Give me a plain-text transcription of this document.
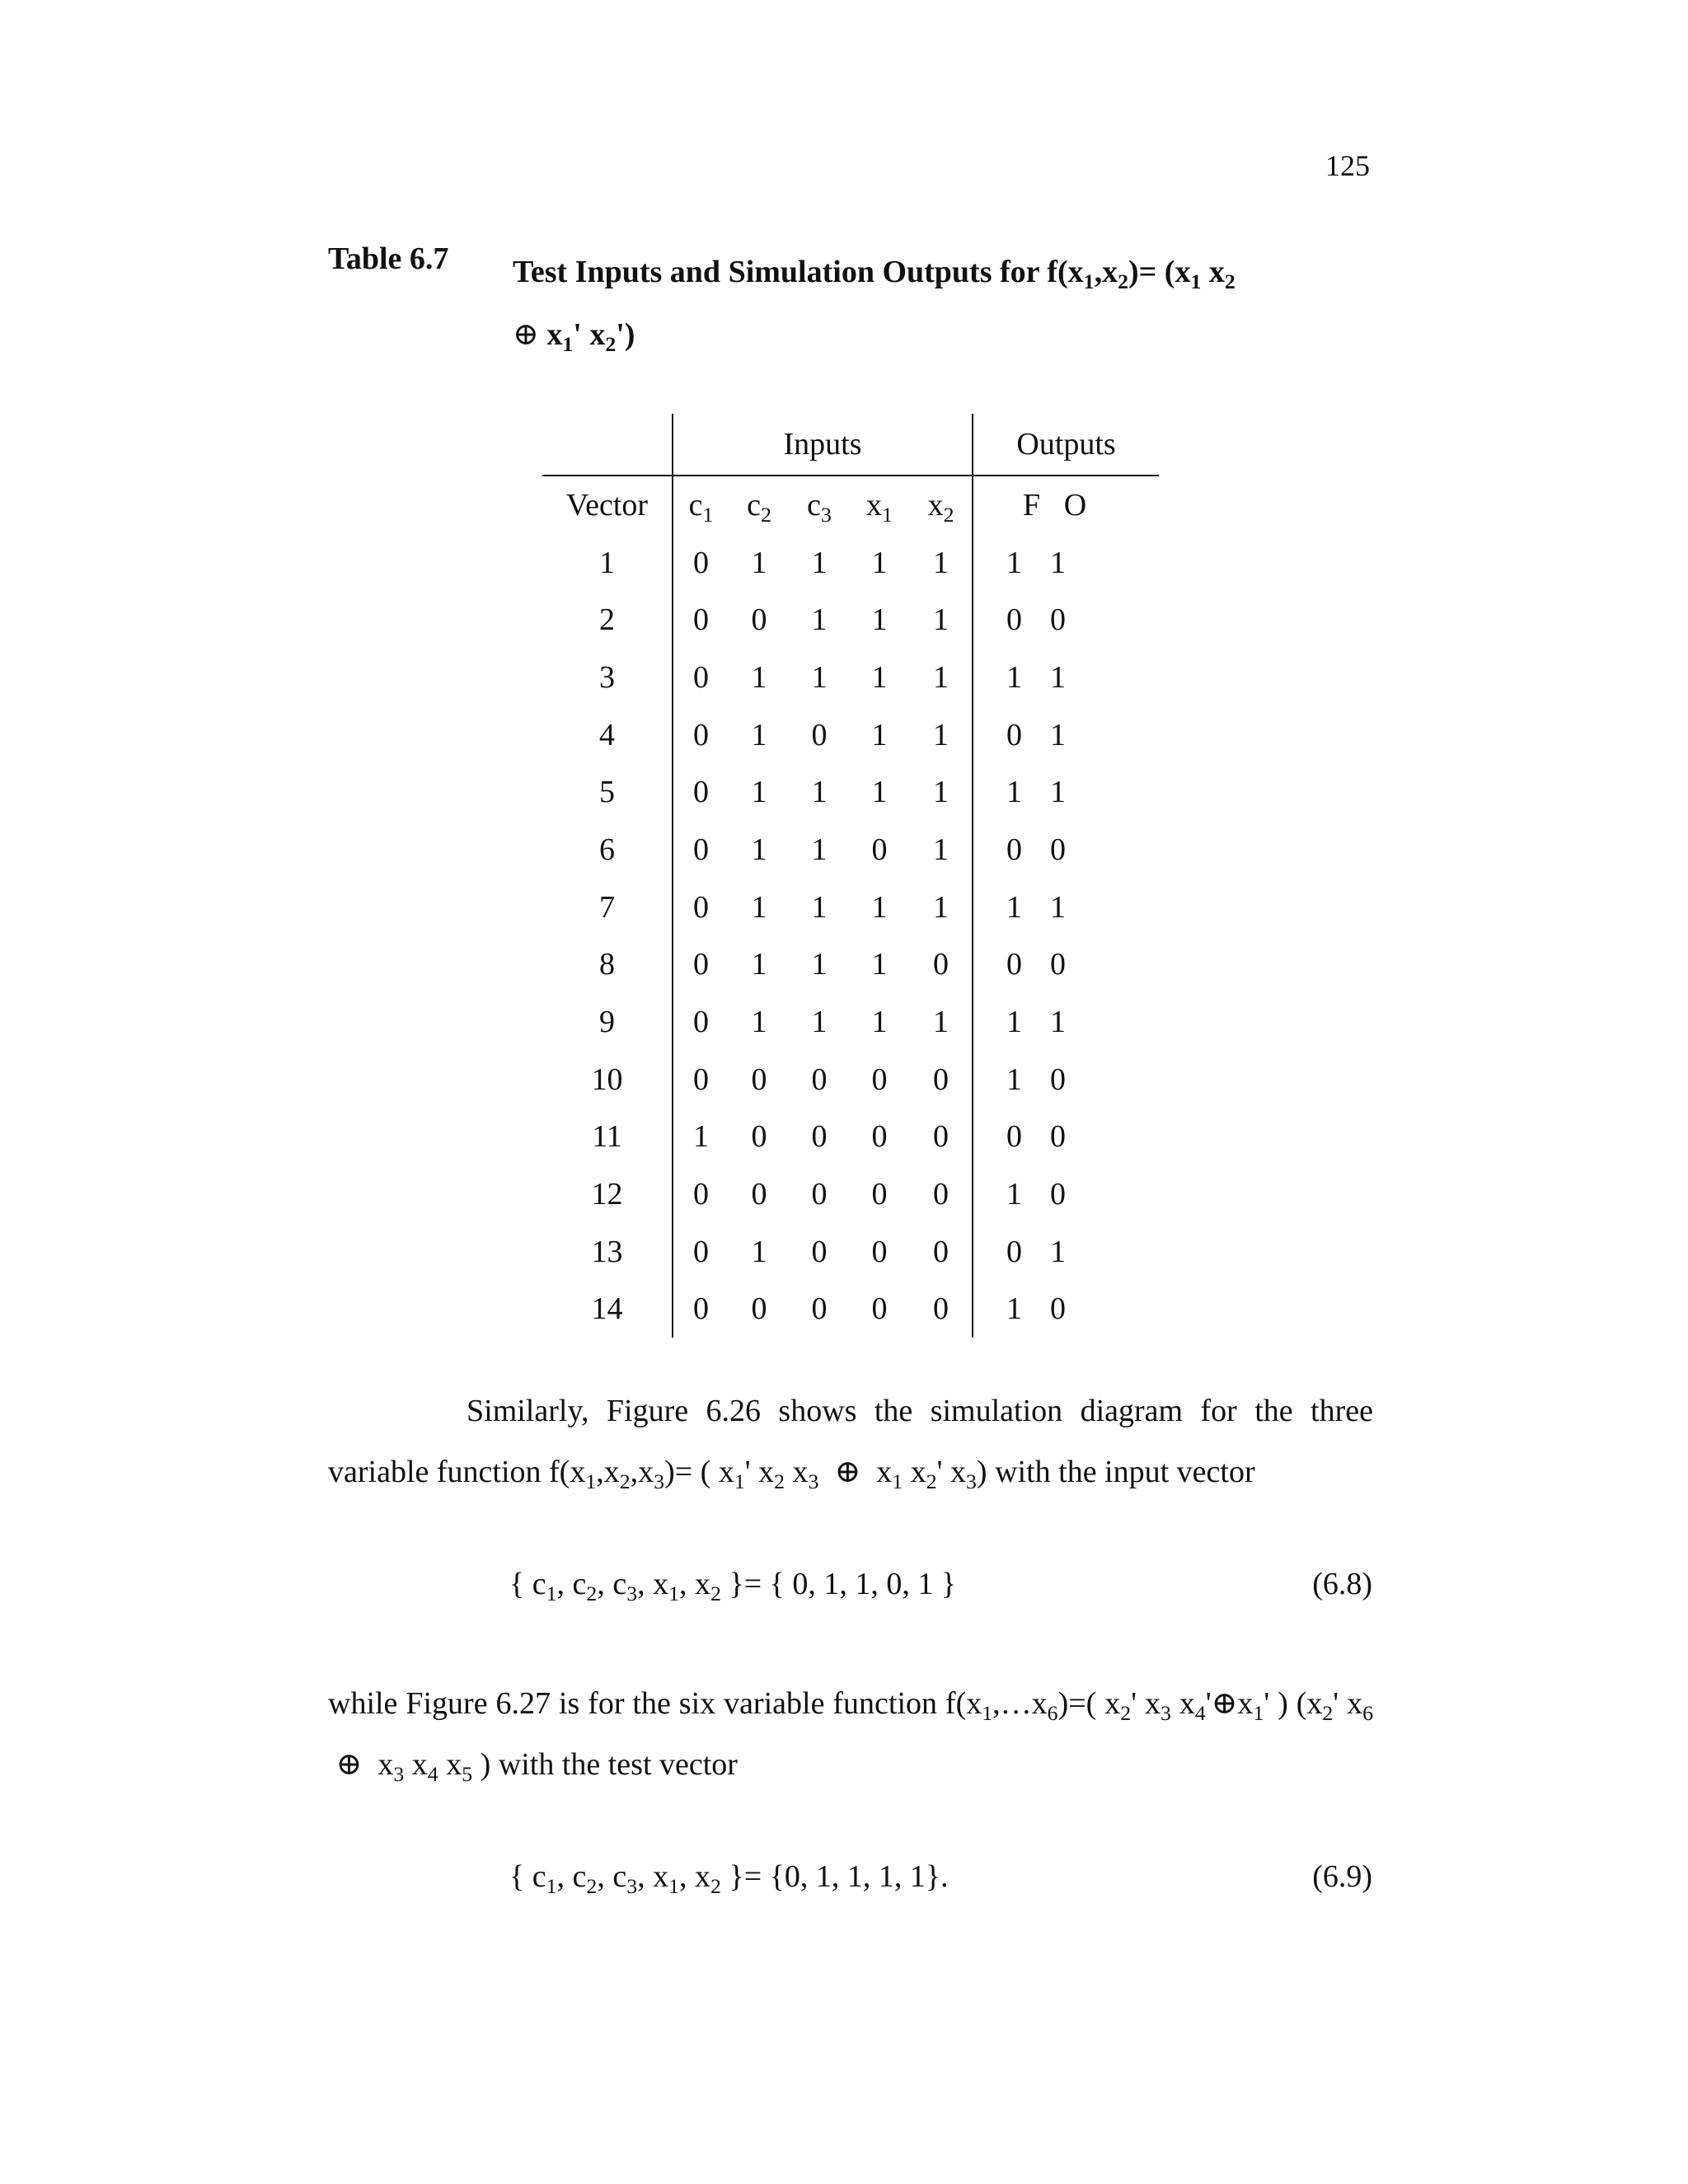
125
Table 6.7 Test Inputs and Simulation Outputs for $f(x_1,x_2)= (x_1$ $x_2$
⊕ $x_1'$ $x_2'$)
	Inputs					Outputs	
Vector	$c_1$	$c_2$	$c_3$	$x_1$	$x_2$	F O	
1	0	1	1	1	1	1	1
2	0	0	1	1	1	0	0
3	0	1	1	1	1	1	1
4	0	1	0	1	1	0	1
5	0	1	1	1	1	1	1
6	0	1	1	0	1	0	0
7	0	1	1	1	1	1	1
8	0	1	1	1	0	0	0
9	0	1	1	1	1	1	1
10	0	0	0	0	0	1	0
11	1	0	0	0	0	0	0
12	0	0	0	0	0	1	0
13	0	1	0	0	0	0	1
14	0	0	0	0	0	1	0
Similarly, Figure 6.26 shows the simulation diagram for the three variable function $f(x_1,x_2,x_3)=$ ( $x_1'$ $x_2$ $x_3$  ⊕  $x_1$ $x_2'$ $x_3$) with the input vector
{ $c_1$, $c_2$, $c_3$, $x_1$, $x_2$ }= { 0, 1, 1, 0, 1 }	(6.8)
while Figure 6.27 is for the six variable function $f(x_1,\dots x_6)=$( $x_2'$ $x_3$ $x_4'\oplus x_1'$ ) ($x_2'$ $x_6$  ⊕  $x_3$ $x_4$ $x_5$ ) with the test vector
{ $c_1$, $c_2$, $c_3$, $x_1$, $x_2$ }= {0, 1, 1, 1, 1}.	(6.9)
